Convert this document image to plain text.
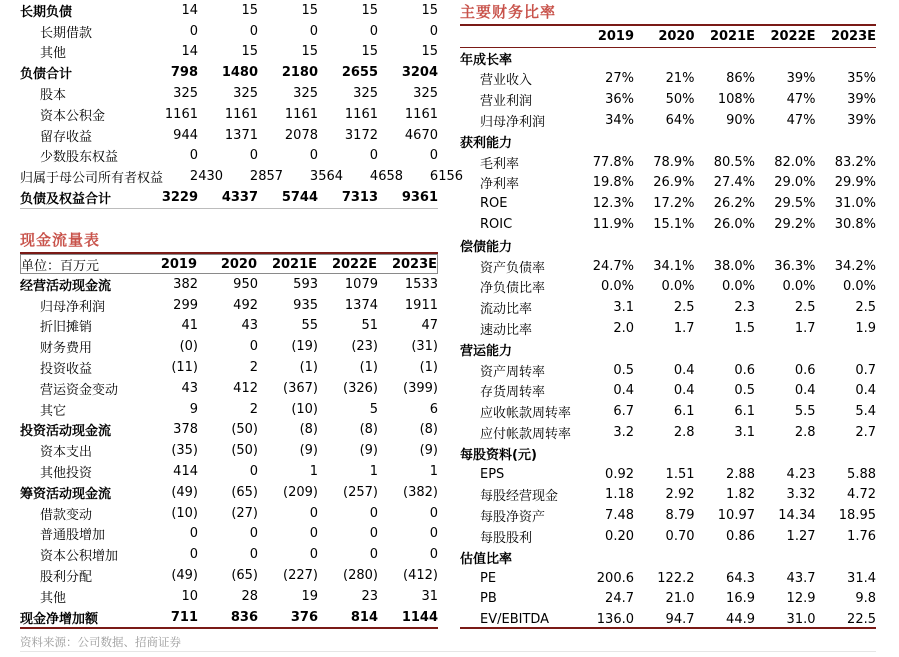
长期负债	14	15	15	15	15
长期借款	0	0	0	0	0
其他	14	15	15	15	15
负债合计	798	1480	2180	2655	3204
股本	325	325	325	325	325
资本公积金	1161	1161	1161	1161	1161
留存收益	944	1371	2078	3172	4670
少数股东权益	0	0	0	0	0
归属于母公司所有者权益	2430	2857	3564	4658	6156
负债及权益合计	3229	4337	5744	7313	9361
现金流量表
单位：百万元	2019	2020	2021E	2022E	2023E
经营活动现金流	382	950	593	1079	1533
归母净利润	299	492	935	1374	1911
折旧摊销	41	43	55	51	47
财务费用	(0)	0	(19)	(23)	(31)
投资收益	(11)	2	(1)	(1)	(1)
营运资金变动	43	412	(367)	(326)	(399)
其它	9	2	(10)	5	6
投资活动现金流	378	(50)	(8)	(8)	(8)
资本支出	(35)	(50)	(9)	(9)	(9)
其他投资	414	0	1	1	1
筹资活动现金流	(49)	(65)	(209)	(257)	(382)
借款变动	(10)	(27)	0	0	0
普通股增加	0	0	0	0	0
资本公积增加	0	0	0	0	0
股利分配	(49)	(65)	(227)	(280)	(412)
其他	10	28	19	23	31
现金净增加额	711	836	376	814	1144
主要财务比率
2019	2020	2021E	2022E	2023E
年成长率
营业收入	27%	21%	86%	39%	35%
营业利润	36%	50%	108%	47%	39%
归母净利润	34%	64%	90%	47%	39%
获利能力
毛利率	77.8%	78.9%	80.5%	82.0%	83.2%
净利率	19.8%	26.9%	27.4%	29.0%	29.9%
ROE	12.3%	17.2%	26.2%	29.5%	31.0%
ROIC	11.9%	15.1%	26.0%	29.2%	30.8%
偿债能力
资产负债率	24.7%	34.1%	38.0%	36.3%	34.2%
净负债比率	0.0%	0.0%	0.0%	0.0%	0.0%
流动比率	3.1	2.5	2.3	2.5	2.5
速动比率	2.0	1.7	1.5	1.7	1.9
营运能力
资产周转率	0.5	0.4	0.6	0.6	0.7
存货周转率	0.4	0.4	0.5	0.4	0.4
应收帐款周转率	6.7	6.1	6.1	5.5	5.4
应付帐款周转率	3.2	2.8	3.1	2.8	2.7
每股资料(元)
EPS	0.92	1.51	2.88	4.23	5.88
每股经营现金	1.18	2.92	1.82	3.32	4.72
每股净资产	7.48	8.79	10.97	14.34	18.95
每股股利	0.20	0.70	0.86	1.27	1.76
估值比率
PE	200.6	122.2	64.3	43.7	31.4
PB	24.7	21.0	16.9	12.9	9.8
EV/EBITDA	136.0	94.7	44.9	31.0	22.5
资料来源：公司数据、招商证券
